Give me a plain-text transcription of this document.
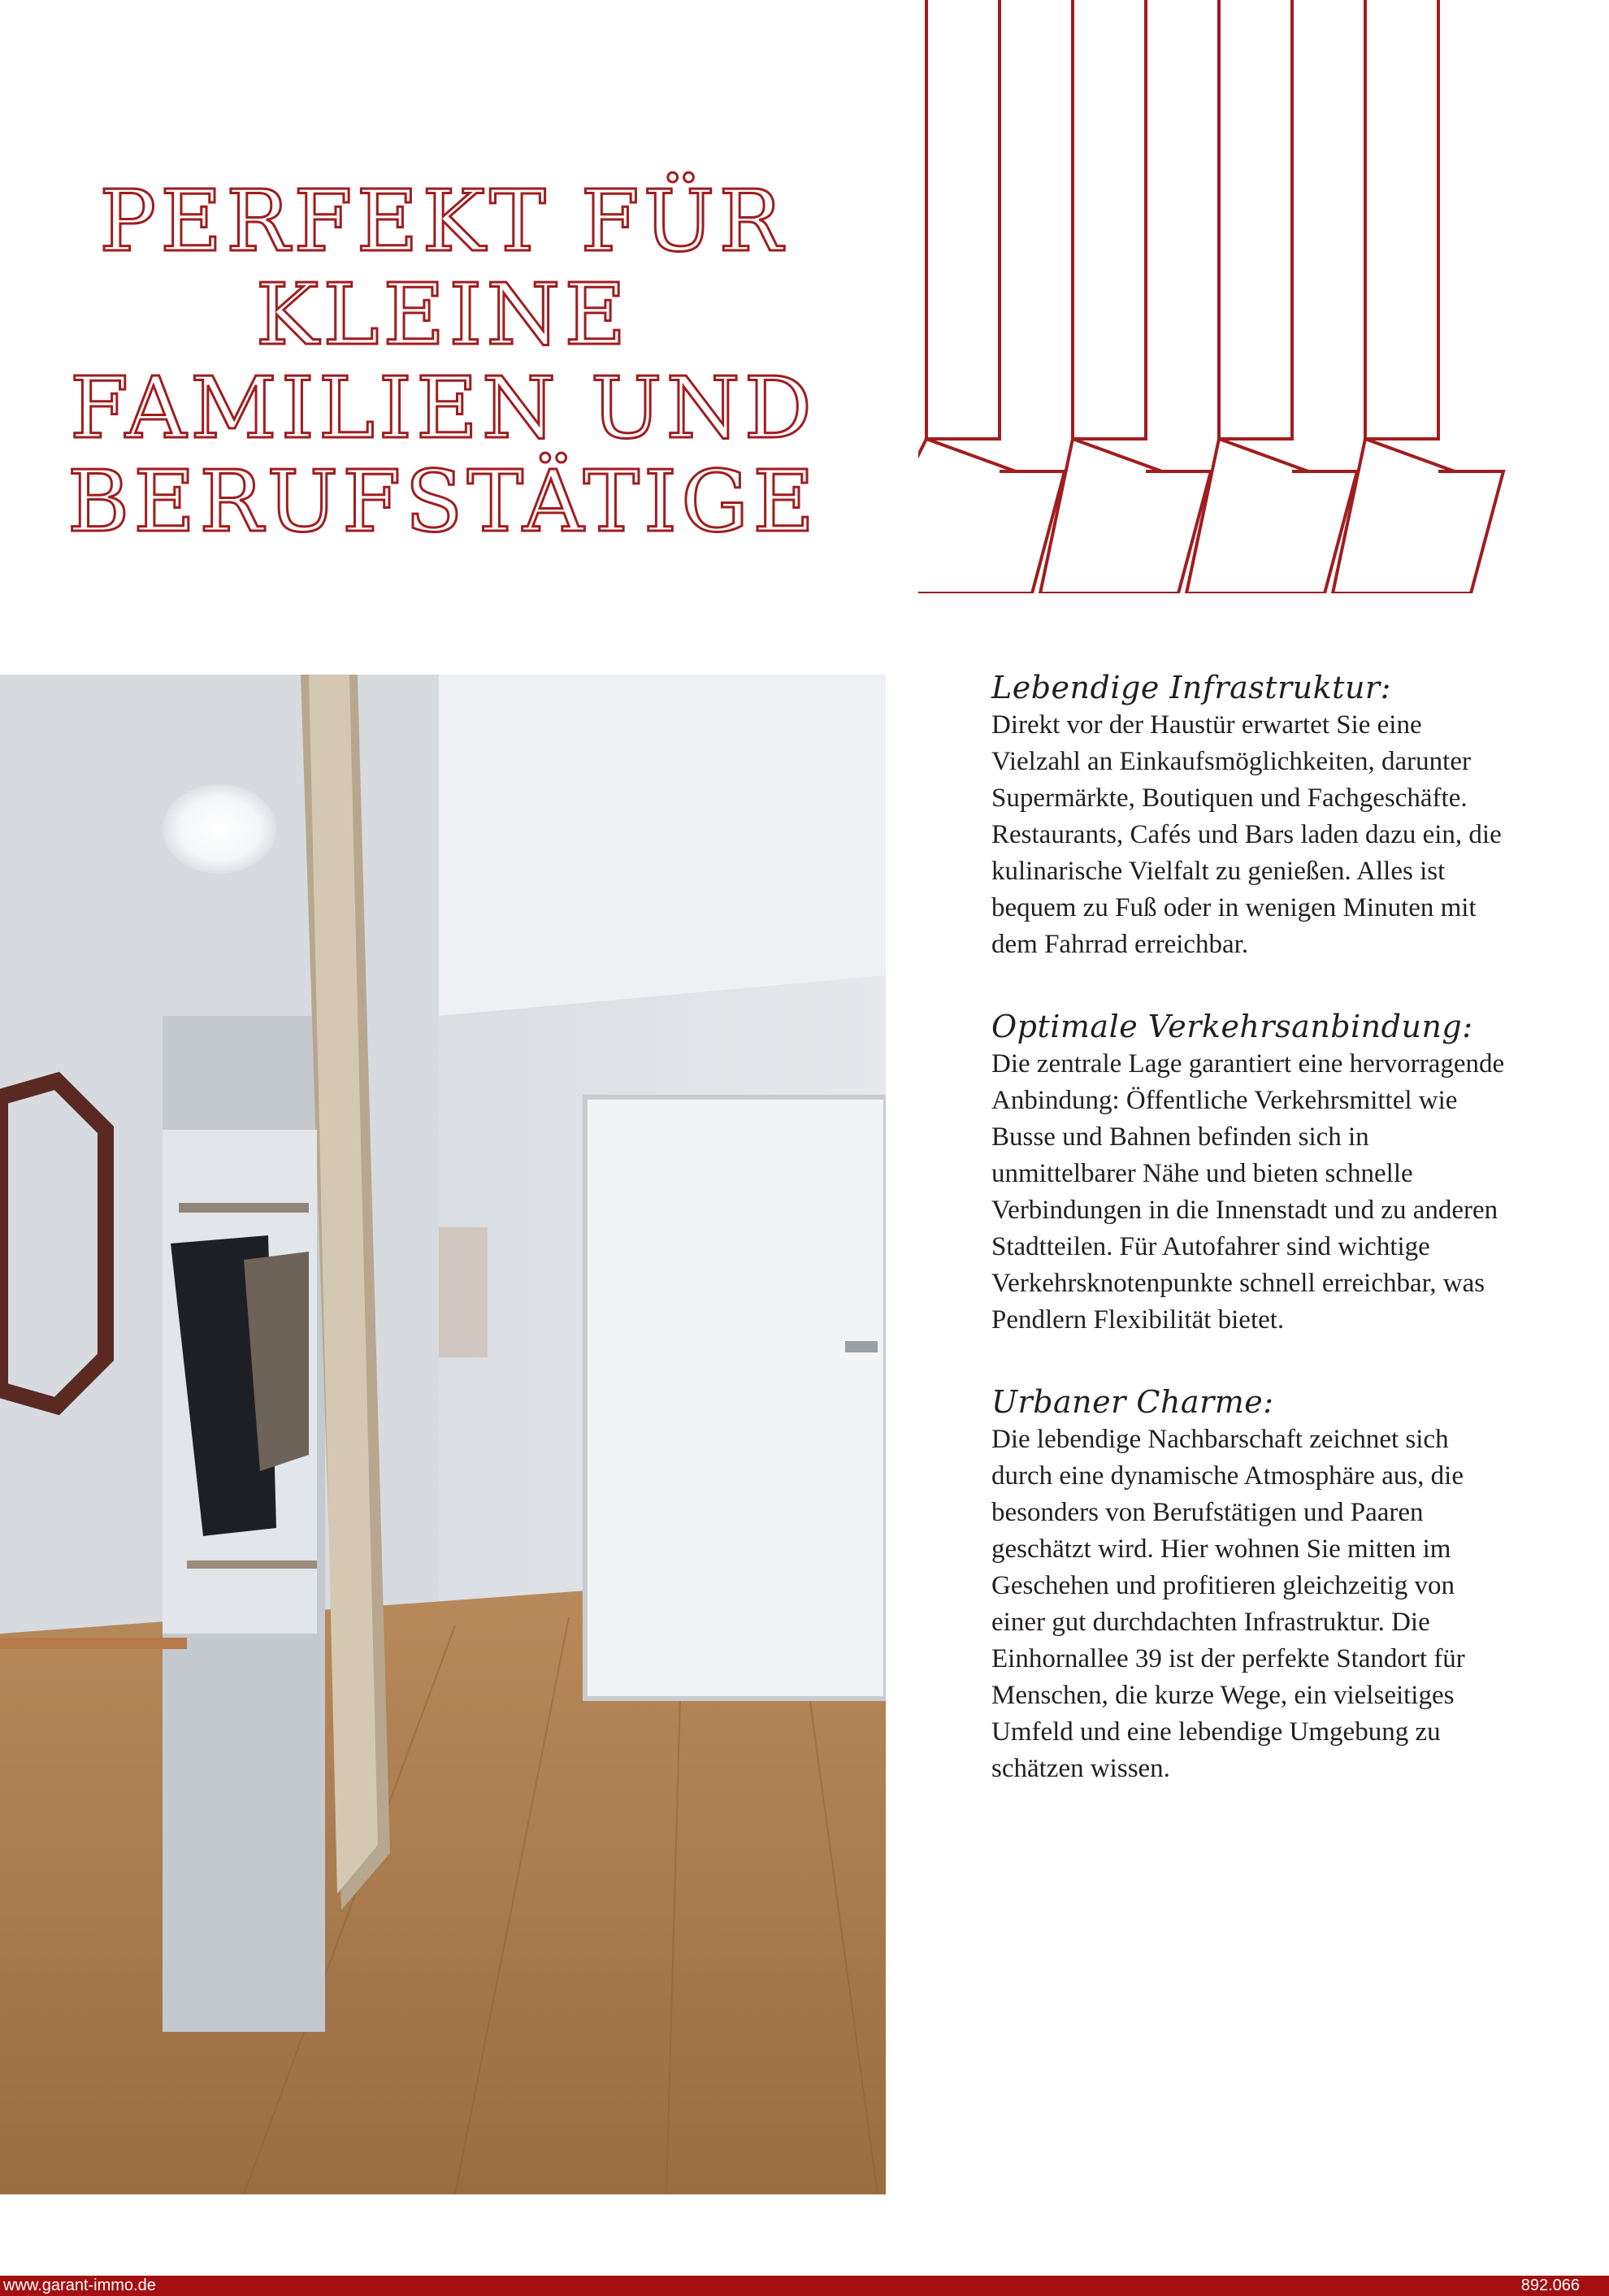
PERFEKT FÜR KLEINE FAMILIEN UND BERUFSTÄTIGE
Lebendige Infrastruktur:

Direkt vor der Haustür erwartet Sie eine Vielzahl an Einkaufsmöglichkeiten, darunter Supermärkte, Boutiquen und Fachgeschäfte. Restaurants, Cafés und Bars laden dazu ein, die kulinarische Vielfalt zu genießen. Alles ist bequem zu Fuß oder in wenigen Minuten mit dem Fahrrad erreichbar.

Optimale Verkehrsanbindung:

Die zentrale Lage garantiert eine hervorragende Anbindung: Öffentliche Verkehrsmittel wie Busse und Bahnen befinden sich in unmittelbarer Nähe und bieten schnelle Verbindungen in die Innenstadt und zu anderen Stadtteilen. Für Autofahrer sind wichtige Verkehrsknotenpunkte schnell erreichbar, was Pendlern Flexibilität bietet.

Urbaner Charme:

Die lebendige Nachbarschaft zeichnet sich durch eine dynamische Atmosphäre aus, die besonders von Berufstätigen und Paaren geschätzt wird. Hier wohnen Sie mitten im Geschehen und profitieren gleichzeitig von einer gut durchdachten Infrastruktur. Die Einhornallee 39 ist der perfekte Standort für Menschen, die kurze Wege, ein vielseitiges Umfeld und eine lebendige Umgebung zu schätzen wissen.

www.garant-immo.de	892.066
